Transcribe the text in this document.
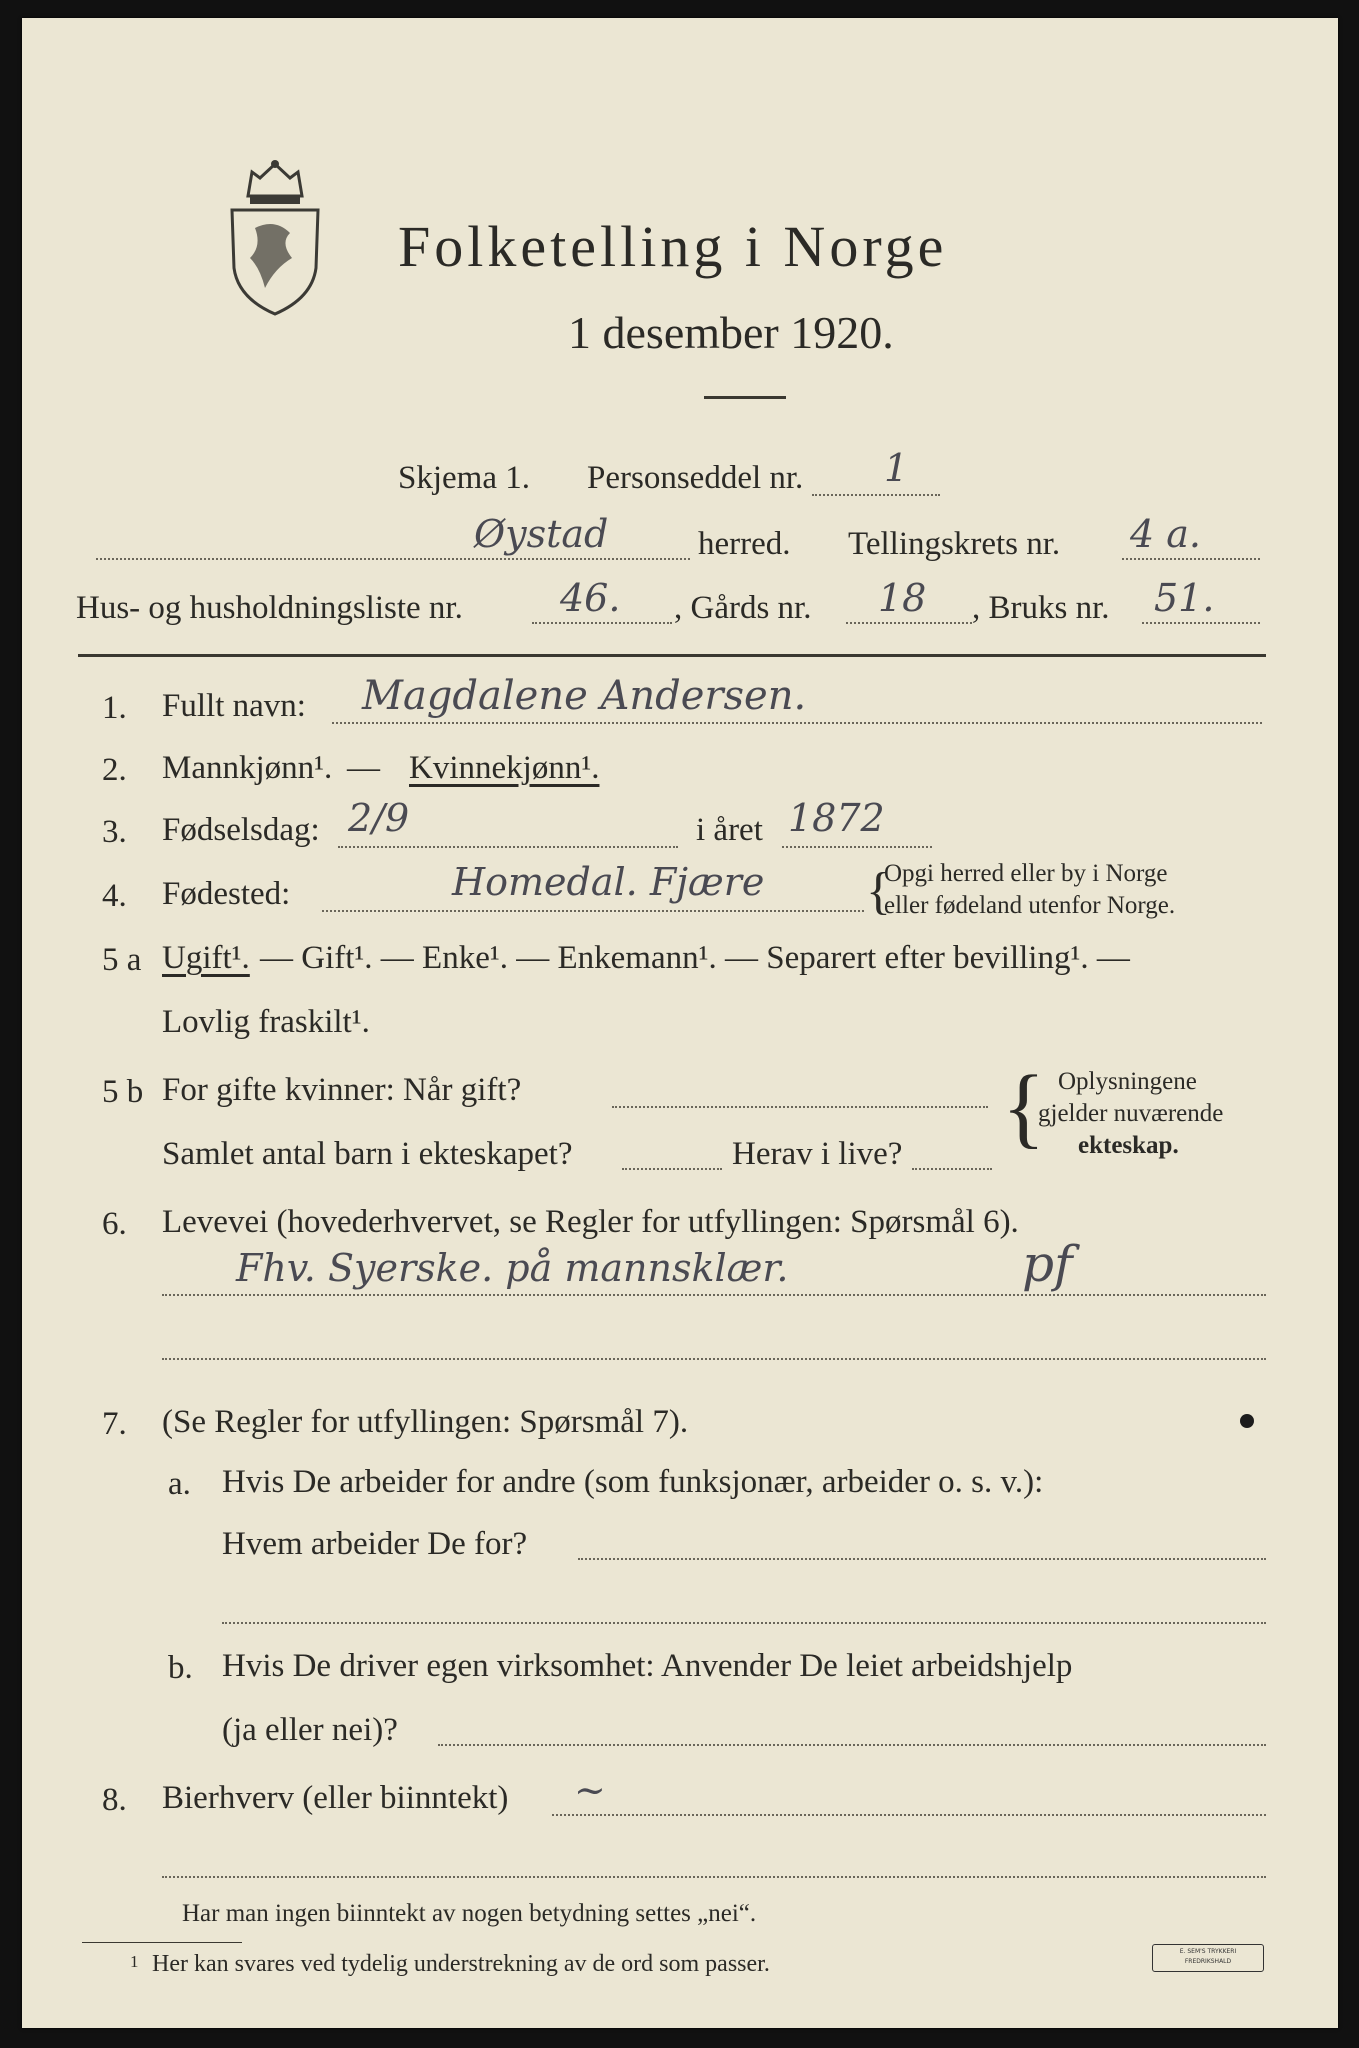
Folketelling i Norge
1 desember 1920.
Skjema 1. Personseddel nr. 1
Øystad	herred. Tellingskrets nr. 4 a.
Hus- og husholdningsliste nr.	46. , Gårds nr. 18 , Bruks nr. 51.
1. Fullt navn: Magdalene Andersen.
2. Mannkjønn¹. — Kvinnekjønn¹.
3. Fødselsdag: 2/9	i året 1872
4. Fødested:	Homedal. Fjære {
Opgi herred eller by i Norge
eller fødeland utenfor Norge.
5 a Ugift¹. — Gift¹. — Enke¹. — Enkemann¹. — Separert efter bevilling¹. —
Lovlig fraskilt¹.
5 b For gifte kvinner: Når gift?
Samlet antal barn i ekteskapet?	Herav i live? { Oplysningene
gjelder nuværende
ekteskap.
6. Levevei (hovederhvervet, se Regler for utfyllingen: Spørsmål 6).
Fhv. Syerske. på mannsklær.	pf
7. (Se Regler for utfyllingen: Spørsmål 7).
a. Hvis De arbeider for andre (som funksjonær, arbeider o. s. v.):
Hvem arbeider De for?
b. Hvis De driver egen virksomhet: Anvender De leiet arbeidshjelp
(ja eller nei)?
8. Bierhverv (eller biinntekt) ~
Har man ingen biinntekt av nogen betydning settes „nei“.
1 Her kan svares ved tydelig understrekning av de ord som passer.	E. SEM'S TRYKKERI FREDRIKSHALD
